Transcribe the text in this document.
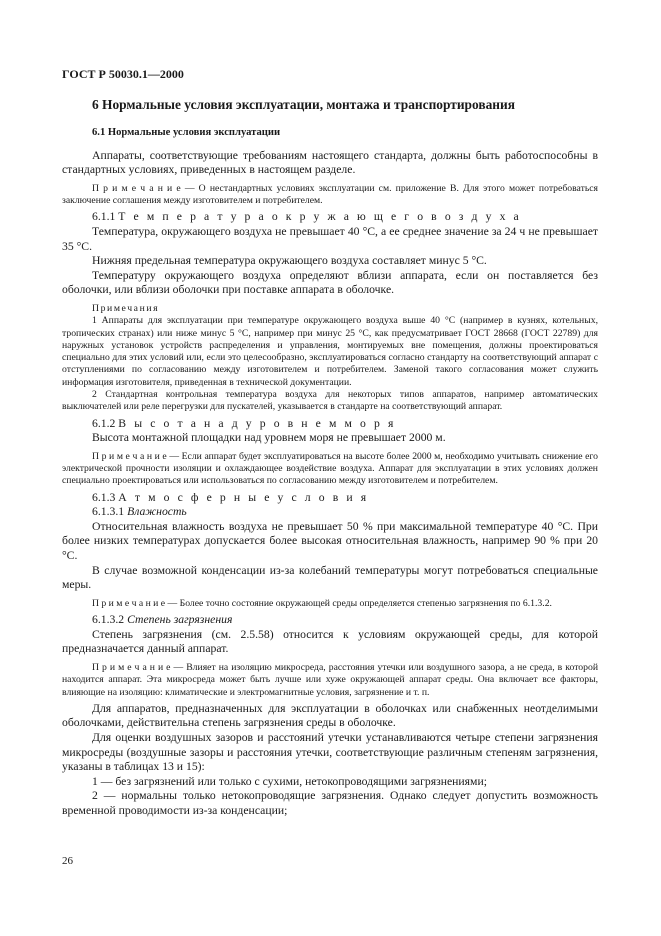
ГОСТ Р 50030.1—2000
6 Нормальные условия эксплуатации, монтажа и транспортирования
6.1 Нормальные условия эксплуатации

Аппараты, соответствующие требованиям настоящего стандарта, должны быть работоспособны в стандартных условиях, приведенных в настоящем разделе.

П р и м е ч а н и е — О нестандартных условиях эксплуатации см. приложение В. Для этого может потребоваться заключение соглашения между изготовителем и потребителем.

6.1.1 Т е м п е р а т у р а о к р у ж а ю щ е г о в о з д у х а

Температура, окружающего воздуха не превышает 40 °С, а ее среднее значение за 24 ч не превышает 35 °С.

Нижняя предельная температура окружающего воздуха составляет минус 5 °С.

Температуру окружающего воздуха определяют вблизи аппарата, если он поставляется без оболочки, или вблизи оболочки при поставке аппарата в оболочке.

Примечания
1 Аппараты для эксплуатации при температуре окружающего воздуха выше 40 °С (например в кузнях, котельных, тропических странах) или ниже минус 5 °С, например при минус 25 °С, как предусматривает ГОСТ 28668 (ГОСТ 22789) для наружных установок устройств распределения и управления, монтируемых вне помещения, должны проектироваться специально для этих условий или, если это целесообразно, эксплуатироваться согласно стандарту на соответствующий аппарат с отступлениями по согласованию между изготовителем и потребителем. Заменой такого согласования может служить информация изготовителя, приведенная в технической документации.
2 Стандартная контрольная температура воздуха для некоторых типов аппаратов, например автоматических выключателей или реле перегрузки для пускателей, указывается в стандарте на соответствующий аппарат.

6.1.2 В ы с о т а н а д у р о в н е м м о р я

Высота монтажной площадки над уровнем моря не превышает 2000 м.

П р и м е ч а н и е — Если аппарат будет эксплуатироваться на высоте более 2000 м, необходимо учитывать снижение его электрической прочности изоляции и охлаждающее воздействие воздуха. Аппарат для эксплуатации в этих условиях должен специально проектироваться или использоваться по согласованию между изготовителем и потребителем.

6.1.3 А т м о с ф е р н ы е у с л о в и я

6.1.3.1 Влажность

Относительная влажность воздуха не превышает 50 % при максимальной температуре 40 °С. При более низких температурах допускается более высокая относительная влажность, например 90 % при 20 °С.

В случае возможной конденсации из-за колебаний температуры могут потребоваться специальные меры.

П р и м е ч а н и е — Более точно состояние окружающей среды определяется степенью загрязнения по 6.1.3.2.

6.1.3.2 Степень загрязнения

Степень загрязнения (см. 2.5.58) относится к условиям окружающей среды, для которой предназначается данный аппарат.

П р и м е ч а н и е — Влияет на изоляцию микросреда, расстояния утечки или воздушного зазора, а не среда, в которой находится аппарат. Эта микросреда может быть лучше или хуже окружающей аппарат среды. Она включает все факторы, влияющие на изоляцию: климатические и электромагнитные условия, загрязнение и т. п.

Для аппаратов, предназначенных для эксплуатации в оболочках или снабженных неотделимыми оболочками, действительна степень загрязнения среды в оболочке.

Для оценки воздушных зазоров и расстояний утечки устанавливаются четыре степени загрязнения микросреды (воздушные зазоры и расстояния утечки, соответствующие различным степеням загрязнения, указаны в таблицах 13 и 15):

1 — без загрязнений или только с сухими, нетокопроводящими загрязнениями;

2 — нормальны только нетокопроводящие загрязнения. Однако следует допустить возможность временной проводимости из-за конденсации;

26
